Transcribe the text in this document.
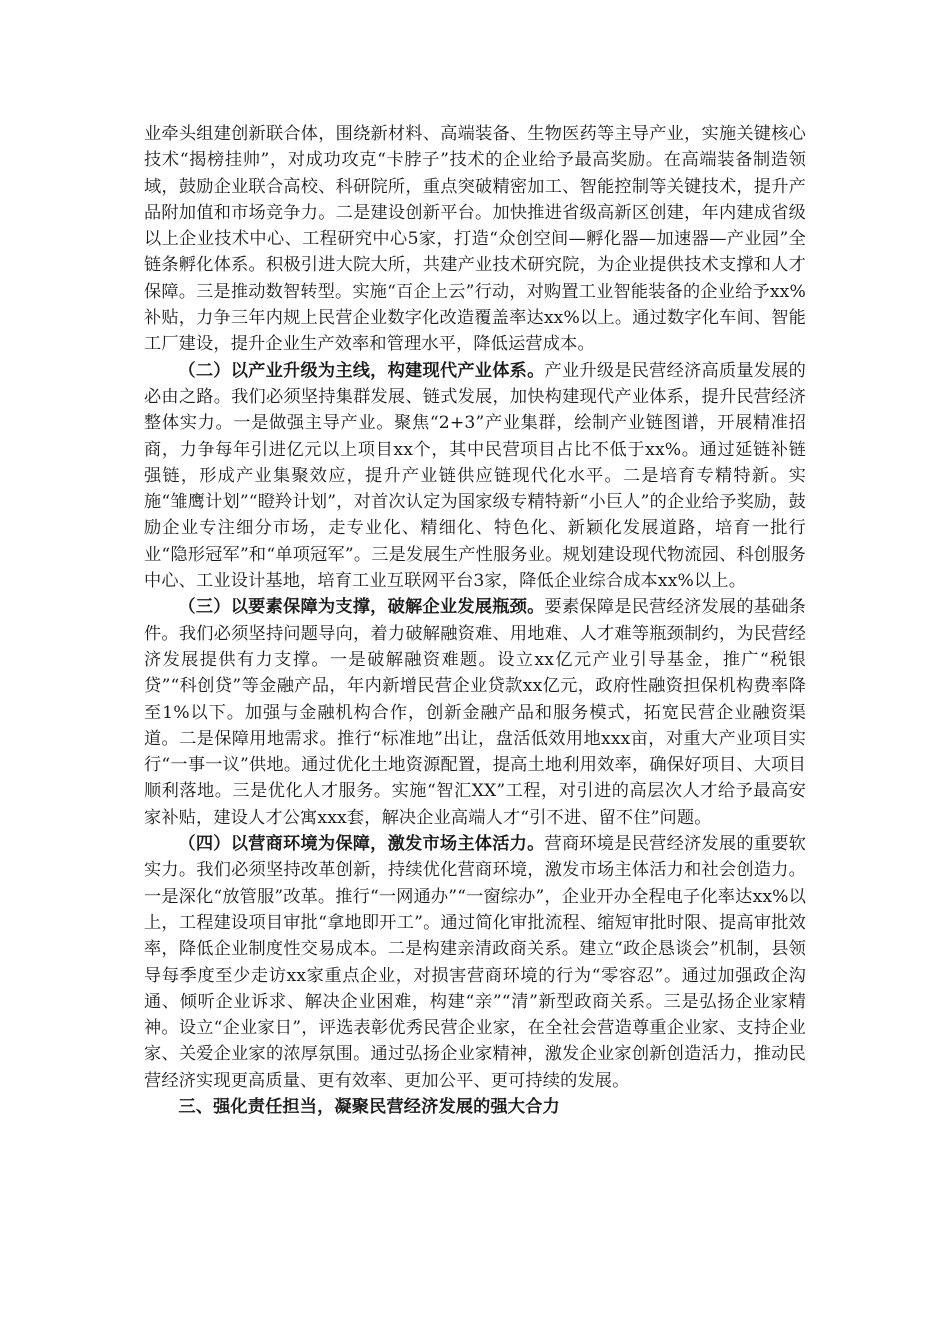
业牵头组建创新联合体，围绕新材料、高端装备、生物医药等主导产业，实施关键核心技术“揭榜挂帅”，对成功攻克“卡脖子”技术的企业给予最高奖励。在高端装备制造领域，鼓励企业联合高校、科研院所，重点突破精密加工、智能控制等关键技术，提升产品附加值和市场竞争力。二是建设创新平台。加快推进省级高新区创建，年内建成省级以上企业技术中心、工程研究中心5家，打造“众创空间—孵化器—加速器—产业园”全链条孵化体系。积极引进大院大所，共建产业技术研究院，为企业提供技术支撑和人才保障。三是推动数智转型。实施“百企上云”行动，对购置工业智能装备的企业给予xx%补贴，力争三年内规上民营企业数字化改造覆盖率达xx%以上。通过数字化车间、智能工厂建设，提升企业生产效率和管理水平，降低运营成本。

（二）以产业升级为主线，构建现代产业体系。产业升级是民营经济高质量发展的必由之路。我们必须坚持集群发展、链式发展，加快构建现代产业体系，提升民营经济整体实力。一是做强主导产业。聚焦“2+3”产业集群，绘制产业链图谱，开展精准招商，力争每年引进亿元以上项目xx个，其中民营项目占比不低于xx%。通过延链补链强链，形成产业集聚效应，提升产业链供应链现代化水平。二是培育专精特新。实施“雏鹰计划”“瞪羚计划”，对首次认定为国家级专精特新“小巨人”的企业给予奖励，鼓励企业专注细分市场，走专业化、精细化、特色化、新颖化发展道路，培育一批行业“隐形冠军”和“单项冠军”。三是发展生产性服务业。规划建设现代物流园、科创服务中心、工业设计基地，培育工业互联网平台3家，降低企业综合成本xx%以上。

（三）以要素保障为支撑，破解企业发展瓶颈。要素保障是民营经济发展的基础条件。我们必须坚持问题导向，着力破解融资难、用地难、人才难等瓶颈制约，为民营经济发展提供有力支撑。一是破解融资难题。设立xx亿元产业引导基金，推广“税银贷”“科创贷”等金融产品，年内新增民营企业贷款xx亿元，政府性融资担保机构费率降至1%以下。加强与金融机构合作，创新金融产品和服务模式，拓宽民营企业融资渠道。二是保障用地需求。推行“标准地”出让，盘活低效用地xxx亩，对重大产业项目实行“一事一议”供地。通过优化土地资源配置，提高土地利用效率，确保好项目、大项目顺利落地。三是优化人才服务。实施“智汇XX”工程，对引进的高层次人才给予最高安家补贴，建设人才公寓xxx套，解决企业高端人才“引不进、留不住”问题。

（四）以营商环境为保障，激发市场主体活力。营商环境是民营经济发展的重要软实力。我们必须坚持改革创新，持续优化营商环境，激发市场主体活力和社会创造力。一是深化“放管服”改革。推行“一网通办”“一窗综办”，企业开办全程电子化率达xx%以上，工程建设项目审批“拿地即开工”。通过简化审批流程、缩短审批时限、提高审批效率，降低企业制度性交易成本。二是构建亲清政商关系。建立“政企恳谈会”机制，县领导每季度至少走访xx家重点企业，对损害营商环境的行为“零容忍”。通过加强政企沟通、倾听企业诉求、解决企业困难，构建“亲”“清”新型政商关系。三是弘扬企业家精神。设立“企业家日”，评选表彰优秀民营企业家，在全社会营造尊重企业家、支持企业家、关爱企业家的浓厚氛围。通过弘扬企业家精神，激发企业家创新创造活力，推动民营经济实现更高质量、更有效率、更加公平、更可持续的发展。

三、强化责任担当，凝聚民营经济发展的强大合力
